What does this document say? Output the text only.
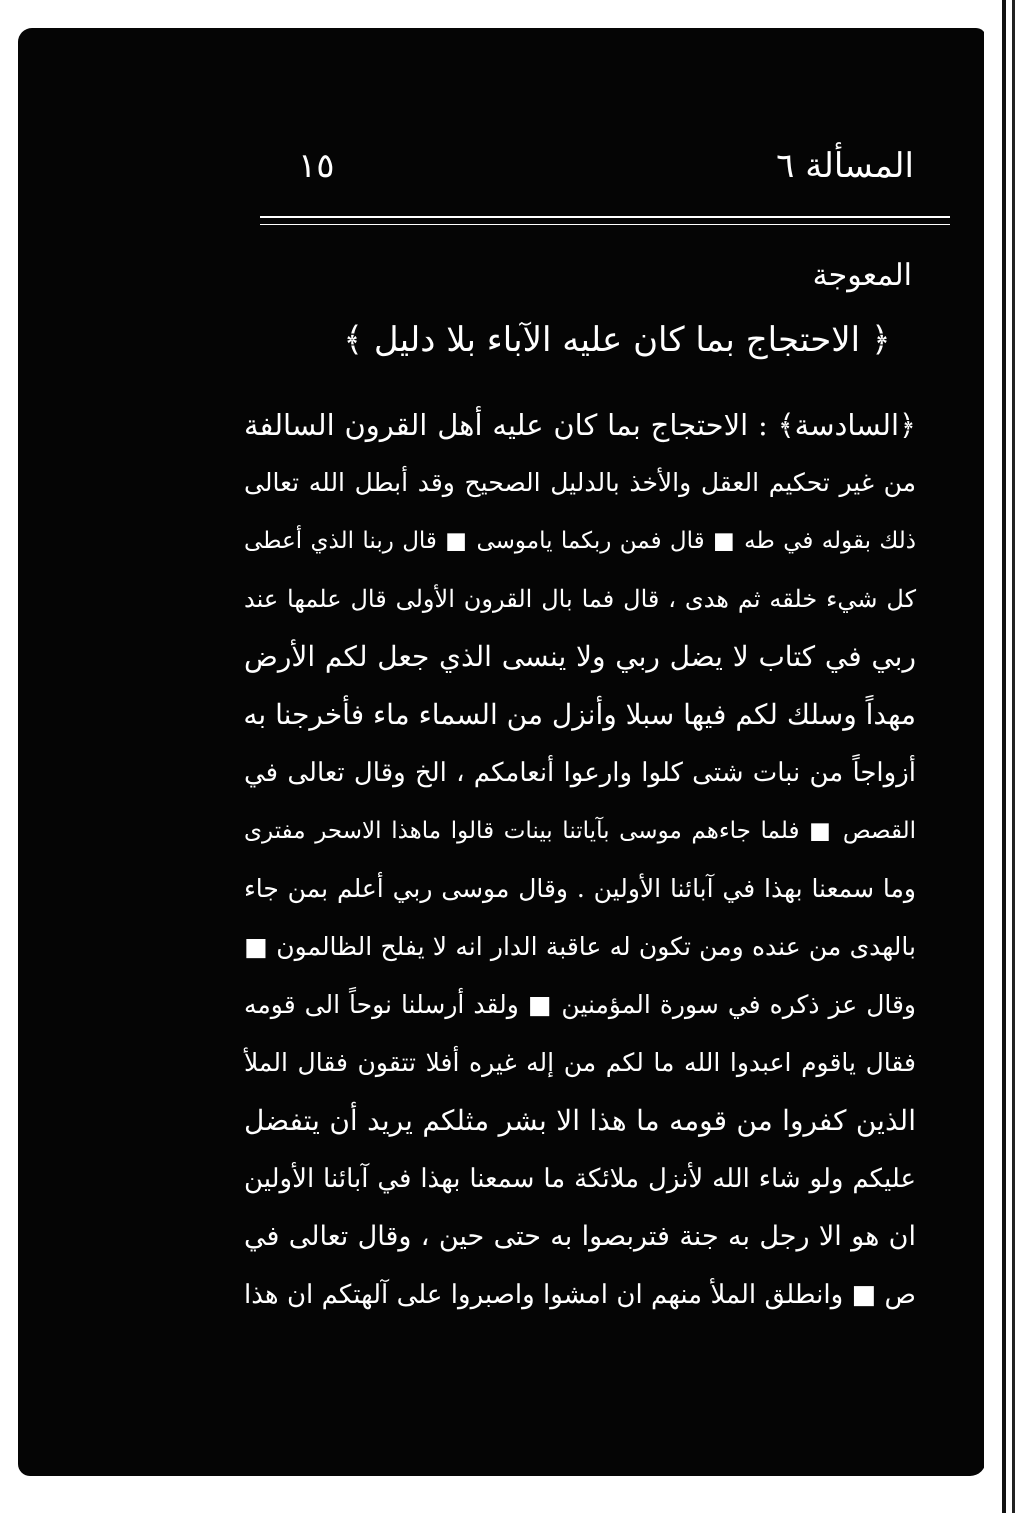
المسألة ٦
١٥
المعوجة
﴿ الاحتجاج بما كان عليه الآباء بلا دليل ﴾
﴿السادسة﴾ : الاحتجاج بما كان عليه أهل القرون السالفة
من غير تحكيم العقل والأخذ بالدليل الصحيح وقد أبطل الله تعالى
ذلك بقوله في طه ■ قال فمن ربكما ياموسى ■ قال ربنا الذي أعطى
كل شيء خلقه ثم هدى ، قال فما بال القرون الأولى قال علمها عند
ربي في كتاب لا يضل ربي ولا ينسى الذي جعل لكم الأرض
مهداً وسلك لكم فيها سبلا وأنزل من السماء ماء فأخرجنا به
أزواجاً من نبات شتى كلوا وارعوا أنعامكم ، الخ وقال تعالى في
القصص ■ فلما جاءهم موسى بآياتنا بينات قالوا ماهذا الاسحر مفترى
وما سمعنا بهذا في آبائنا الأولين . وقال موسى ربي أعلم بمن جاء
بالهدى من عنده ومن تكون له عاقبة الدار انه لا يفلح الظالمون ■
وقال عز ذكره في سورة المؤمنين ■ ولقد أرسلنا نوحاً الى قومه
فقال ياقوم اعبدوا الله ما لكم من إله غيره أفلا تتقون فقال الملأ
الذين كفروا من قومه ما هذا الا بشر مثلكم يريد أن يتفضل
عليكم ولو شاء الله لأنزل ملائكة ما سمعنا بهذا في آبائنا الأولين
ان هو الا رجل به جنة فتربصوا به حتى حين ، وقال تعالى في
ص ■ وانطلق الملأ منهم ان امشوا واصبروا على آلهتكم ان هذا
